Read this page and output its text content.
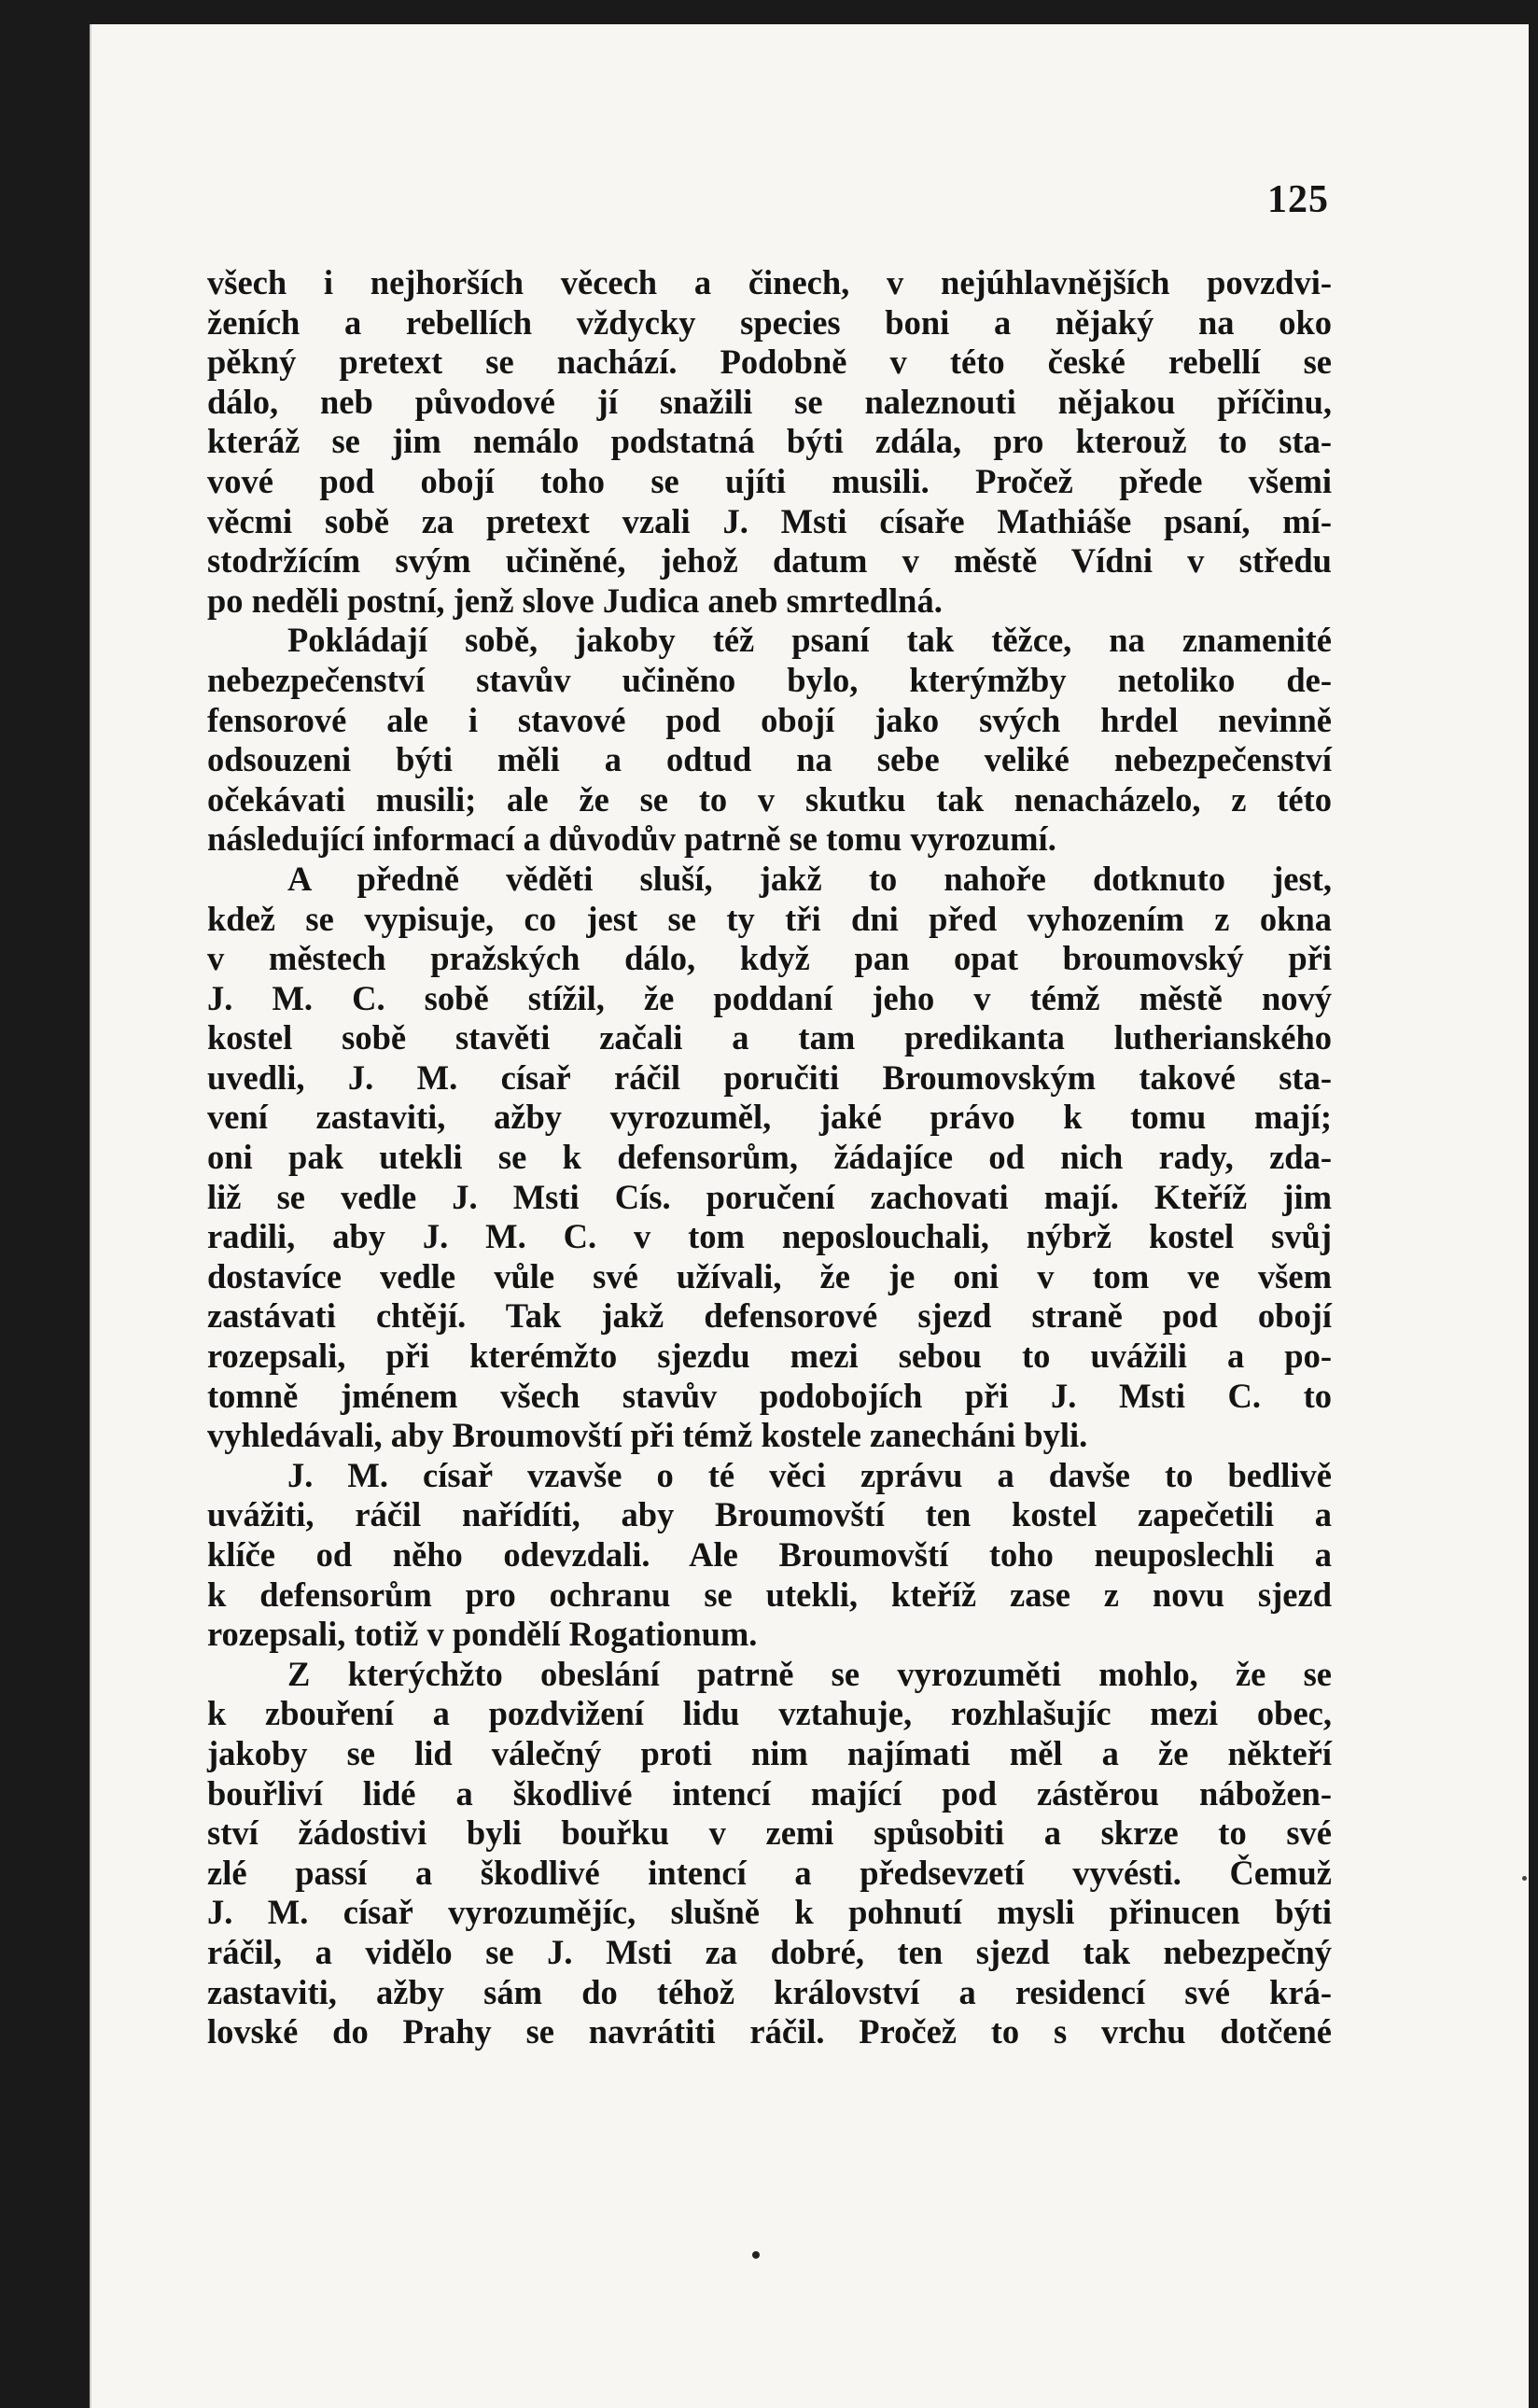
125
všech i nejhorších věcech a činech, v nejúhlavnějších povzdvi-
ženích a rebellích vždycky species boni a nějaký na oko
pěkný pretext se nachází. Podobně v této české rebellí se
dálo, neb původové jí snažili se naleznouti nějakou příčinu,
kteráž se jim nemálo podstatná býti zdála, pro kterouž to sta-
vové pod obojí toho se ujíti musili. Pročež přede všemi
věcmi sobě za pretext vzali J. Msti císaře Mathiáše psaní, mí-
stodržícím svým učiněné, jehož datum v městě Vídni v středu
po neděli postní, jenž slove Judica aneb smrtedlná.
Pokládají sobě, jakoby též psaní tak těžce, na znamenité
nebezpečenství stavův učiněno bylo, kterýmžby netoliko de-
fensorové ale i stavové pod obojí jako svých hrdel nevinně
odsouzeni býti měli a odtud na sebe veliké nebezpečenství
očekávati musili; ale že se to v skutku tak nenacházelo, z této
následující informací a důvodův patrně se tomu vyrozumí.
A předně věděti sluší, jakž to nahoře dotknuto jest,
kdež se vypisuje, co jest se ty tři dni před vyhozením z okna
v městech pražských dálo, když pan opat broumovský při
J. M. C. sobě stížil, že poddaní jeho v témž městě nový
kostel sobě stavěti začali a tam predikanta lutherianského
uvedli, J. M. císař ráčil poručiti Broumovským takové sta-
vení zastaviti, ažby vyrozuměl, jaké právo k tomu mají;
oni pak utekli se k defensorům, žádajíce od nich rady, zda-
liž se vedle J. Msti Cís. poručení zachovati mají. Kteříž jim
radili, aby J. M. C. v tom neposlouchali, nýbrž kostel svůj
dostavíce vedle vůle své užívali, že je oni v tom ve všem
zastávati chtějí. Tak jakž defensorové sjezd straně pod obojí
rozepsali, při kterémžto sjezdu mezi sebou to uvážili a po-
tomně jménem všech stavův podobojích při J. Msti C. to
vyhledávali, aby Broumovští při témž kostele zanecháni byli.
J. M. císař vzavše o té věci zprávu a davše to bedlivě
uvážiti, ráčil nařídíti, aby Broumovští ten kostel zapečetili a
klíče od něho odevzdali. Ale Broumovští toho neuposlechli a
k defensorům pro ochranu se utekli, kteříž zase z novu sjezd
rozepsali, totiž v pondělí Rogationum.
Z kterýchžto obeslání patrně se vyrozuměti mohlo, že se
k zbouření a pozdvižení lidu vztahuje, rozhlašujíc mezi obec,
jakoby se lid válečný proti nim najímati měl a že někteří
bouřliví lidé a škodlivé intencí mající pod zástěrou nábožen-
ství žádostivi byli bouřku v zemi spůsobiti a skrze to své
zlé passí a škodlivé intencí a předsevzetí vyvésti. Čemuž
J. M. císař vyrozumějíc, slušně k pohnutí mysli přinucen býti
ráčil, a vidělo se J. Msti za dobré, ten sjezd tak nebezpečný
zastaviti, ažby sám do téhož království a residencí své krá-
lovské do Prahy se navrátiti ráčil. Pročež to s vrchu dotčené
